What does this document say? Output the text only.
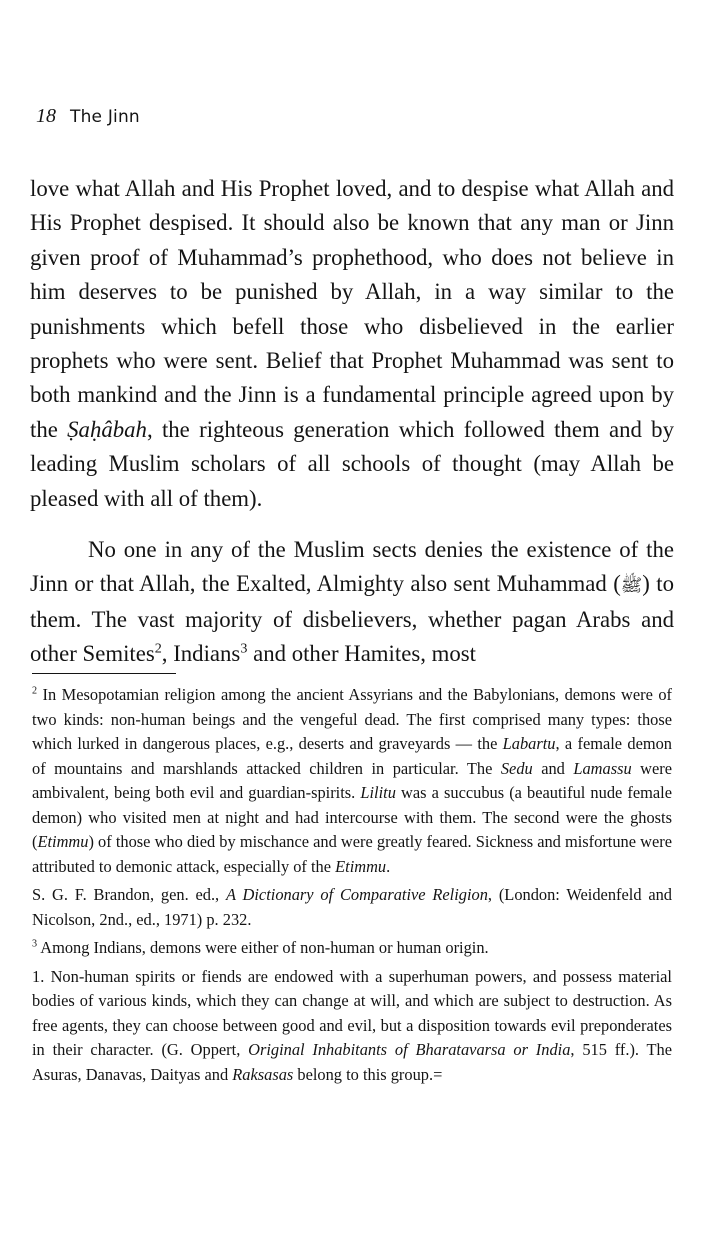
18 The Jinn

love what Allah and His Prophet loved, and to despise what Allah and His Prophet despised. It should also be known that any man or Jinn given proof of Muhammad’s prophethood, who does not believe in him deserves to be punished by Allah, in a way similar to the punishments which befell those who disbelieved in the earlier prophets who were sent. Belief that Prophet Muhammad was sent to both mankind and the Jinn is a fundamental principle agreed upon by the Ṣaḥâbah, the righteous generation which followed them and by leading Muslim scholars of all schools of thought (may Allah be pleased with all of them).

No one in any of the Muslim sects denies the existence of the Jinn or that Allah, the Exalted, Almighty also sent Muhammad (ﷺ) to them. The vast majority of disbelievers, whether pagan Arabs and other Semites$^2$, Indians$^3$ and other Hamites, most

$^2$ In Mesopotamian religion among the ancient Assyrians and the Babylonians, demons were of two kinds: non-human beings and the vengeful dead. The first comprised many types: those which lurked in dangerous places, e.g., deserts and graveyards — the Labartu, a female demon of mountains and marshlands attacked children in particular. The Sedu and Lamassu were ambivalent, being both evil and guardian-spirits. Lilitu was a succubus (a beautiful nude female demon) who visited men at night and had intercourse with them. The second were the ghosts (Etimmu) of those who died by mischance and were greatly feared. Sickness and misfortune were attributed to demonic attack, especially of the Etimmu.

S. G. F. Brandon, gen. ed., A Dictionary of Comparative Religion, (London: Weidenfeld and Nicolson, 2nd., ed., 1971) p. 232.

$^3$ Among Indians, demons were either of non-human or human origin.

1. Non-human spirits or fiends are endowed with a superhuman powers, and possess material bodies of various kinds, which they can change at will, and which are subject to destruction. As free agents, they can choose between good and evil, but a disposition towards evil preponderates in their character. (G. Oppert, Original Inhabitants of Bharatavarsa or India, 515 ff.). The Asuras, Danavas, Daityas and Raksasas belong to this group.=
